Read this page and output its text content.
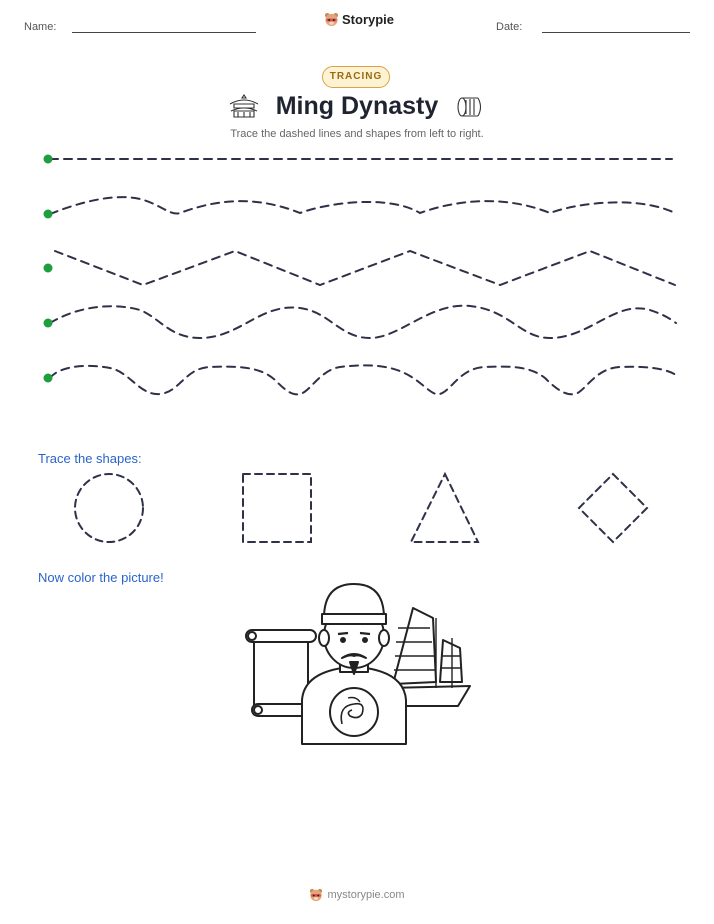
Name:	Storypie	Date:
TRACING
Ming Dynasty
Trace the dashed lines and shapes from left to right.
Trace the shapes:
Now color the picture!
mystorypie.com
